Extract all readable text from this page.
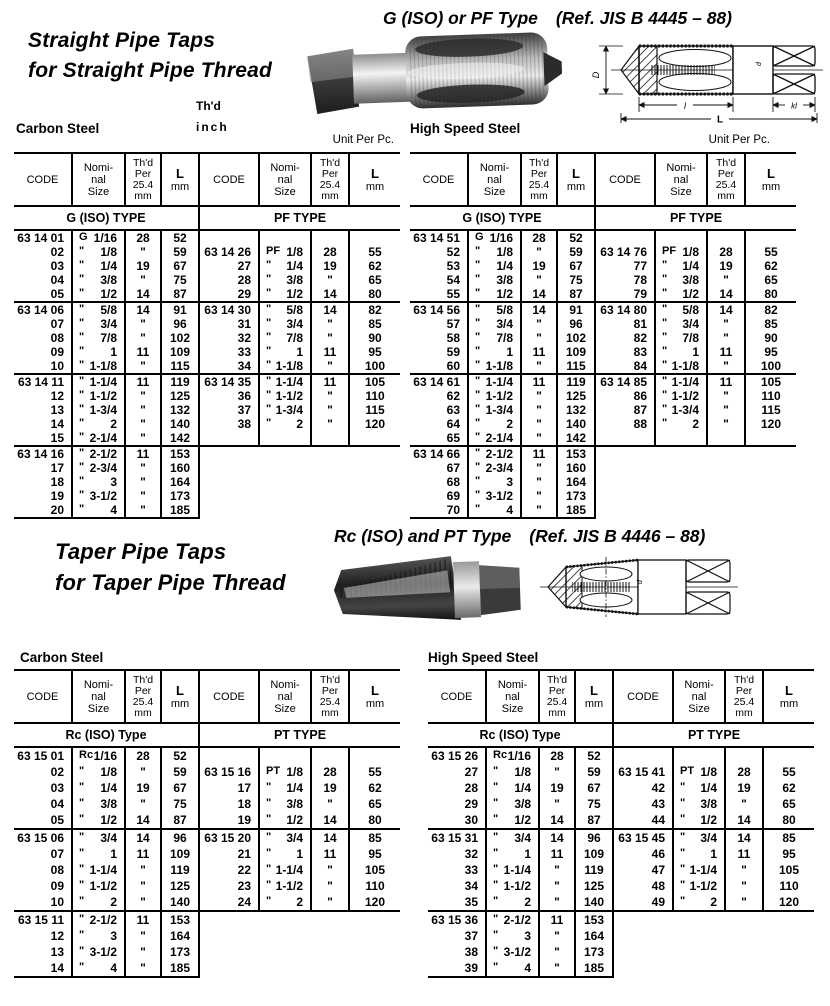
Straight Pipe Taps
for Straight Pipe Thread
G (ISO) or PF Type (Ref. JIS B 4445 – 88)
D
d
l	kl
L
Th'd
inch
Carbon Steel
Unit Per Pc.
High Speed Steel
Unit Per Pc.
CODE	Nomi-
nal
Size	Th'd
Per
25.4
mm	L
mm	CODE	Nomi-
nal
Size	Th'd
Per
25.4
mm	L
mm
G (ISO) TYPE				PF TYPE			
63 14 01	G 1/16	28	52				
02	" 1/8	"	59	63 14 26	PF 1/8	28	55
03	" 1/4	19	67	27	" 1/4	19	62
04	" 3/8	"	75	28	" 3/8	"	65
05	" 1/2	14	87	29	" 1/2	14	80
63 14 06	" 5/8	14	91	63 14 30	" 5/8	14	82
07	" 3/4	"	96	31	" 3/4	"	85
08	" 7/8	"	102	32	" 7/8	"	90
09	" 1	11	109	33	" 1	11	95
10	" 1-1/8	"	115	34	" 1-1/8	"	100
63 14 11	" 1-1/4	11	119	63 14 35	" 1-1/4	11	105
12	" 1-1/2	"	125	36	" 1-1/2	"	110
13	" 1-3/4	"	132	37	" 1-3/4	"	115
14	" 2	"	140	38	" 2	"	120
15	" 2-1/4	"	142				
63 14 16	" 2-1/2	11	153				
17	" 2-3/4	"	160				
18	" 3	"	164				
19	" 3-1/2	"	173				
20	" 4	"	185				
CODE	Nomi-
nal
Size	Th'd
Per
25.4
mm	L
mm	CODE	Nomi-
nal
Size	Th'd
Per
25.4
mm	L
mm
G (ISO) TYPE				PF TYPE			
63 14 51	G 1/16	28	52				
52	" 1/8	"	59	63 14 76	PF 1/8	28	55
53	" 1/4	19	67	77	" 1/4	19	62
54	" 3/8	"	75	78	" 3/8	"	65
55	" 1/2	14	87	79	" 1/2	14	80
63 14 56	" 5/8	14	91	63 14 80	" 5/8	14	82
57	" 3/4	"	96	81	" 3/4	"	85
58	" 7/8	"	102	82	" 7/8	"	90
59	" 1	11	109	83	" 1	11	95
60	" 1-1/8	"	115	84	" 1-1/8	"	100
63 14 61	" 1-1/4	11	119	63 14 85	" 1-1/4	11	105
62	" 1-1/2	"	125	86	" 1-1/2	"	110
63	" 1-3/4	"	132	87	" 1-3/4	"	115
64	" 2	"	140	88	" 2	"	120
65	" 2-1/4	"	142				
63 14 66	" 2-1/2	11	153				
67	" 2-3/4	"	160				
68	" 3	"	164				
69	" 3-1/2	"	173				
70	" 4	"	185				
Taper Pipe Taps
for Taper Pipe Thread
Rc (ISO) and PT Type (Ref. JIS B 4446 – 88)
d
Carbon Steel	High Speed Steel
CODE	Nomi-
nal
Size	Th'd
Per
25.4
mm	L
mm	CODE	Nomi-
nal
Size	Th'd
Per
25.4
mm	L
mm
Rc (ISO) Type				PT TYPE			
63 15 01	Rc 1/16	28	52				
02	" 1/8	"	59	63 15 16	PT 1/8	28	55
03	" 1/4	19	67	17	" 1/4	19	62
04	" 3/8	"	75	18	" 3/8	"	65
05	" 1/2	14	87	19	" 1/2	14	80
63 15 06	" 3/4	14	96	63 15 20	" 3/4	14	85
07	" 1	11	109	21	" 1	11	95
08	" 1-1/4	"	119	22	" 1-1/4	"	105
09	" 1-1/2	"	125	23	" 1-1/2	"	110
10	" 2	"	140	24	" 2	"	120
63 15 11	" 2-1/2	11	153				
12	" 3	"	164				
13	" 3-1/2	"	173				
14	" 4	"	185				
CODE	Nomi-
nal
Size	Th'd
Per
25.4
mm	L
mm	CODE	Nomi-
nal
Size	Th'd
Per
25.4
mm	L
mm
Rc (ISO) Type				PT TYPE			
63 15 26	Rc 1/16	28	52				
27	" 1/8	"	59	63 15 41	PT 1/8	28	55
28	" 1/4	19	67	42	" 1/4	19	62
29	" 3/8	"	75	43	" 3/8	"	65
30	" 1/2	14	87	44	" 1/2	14	80
63 15 31	" 3/4	14	96	63 15 45	" 3/4	14	85
32	" 1	11	109	46	" 1	11	95
33	" 1-1/4	"	119	47	" 1-1/4	"	105
34	" 1-1/2	"	125	48	" 1-1/2	"	110
35	" 2	"	140	49	" 2	"	120
63 15 36	" 2-1/2	11	153				
37	" 3	"	164				
38	" 3-1/2	"	173				
39	" 4	"	185				
